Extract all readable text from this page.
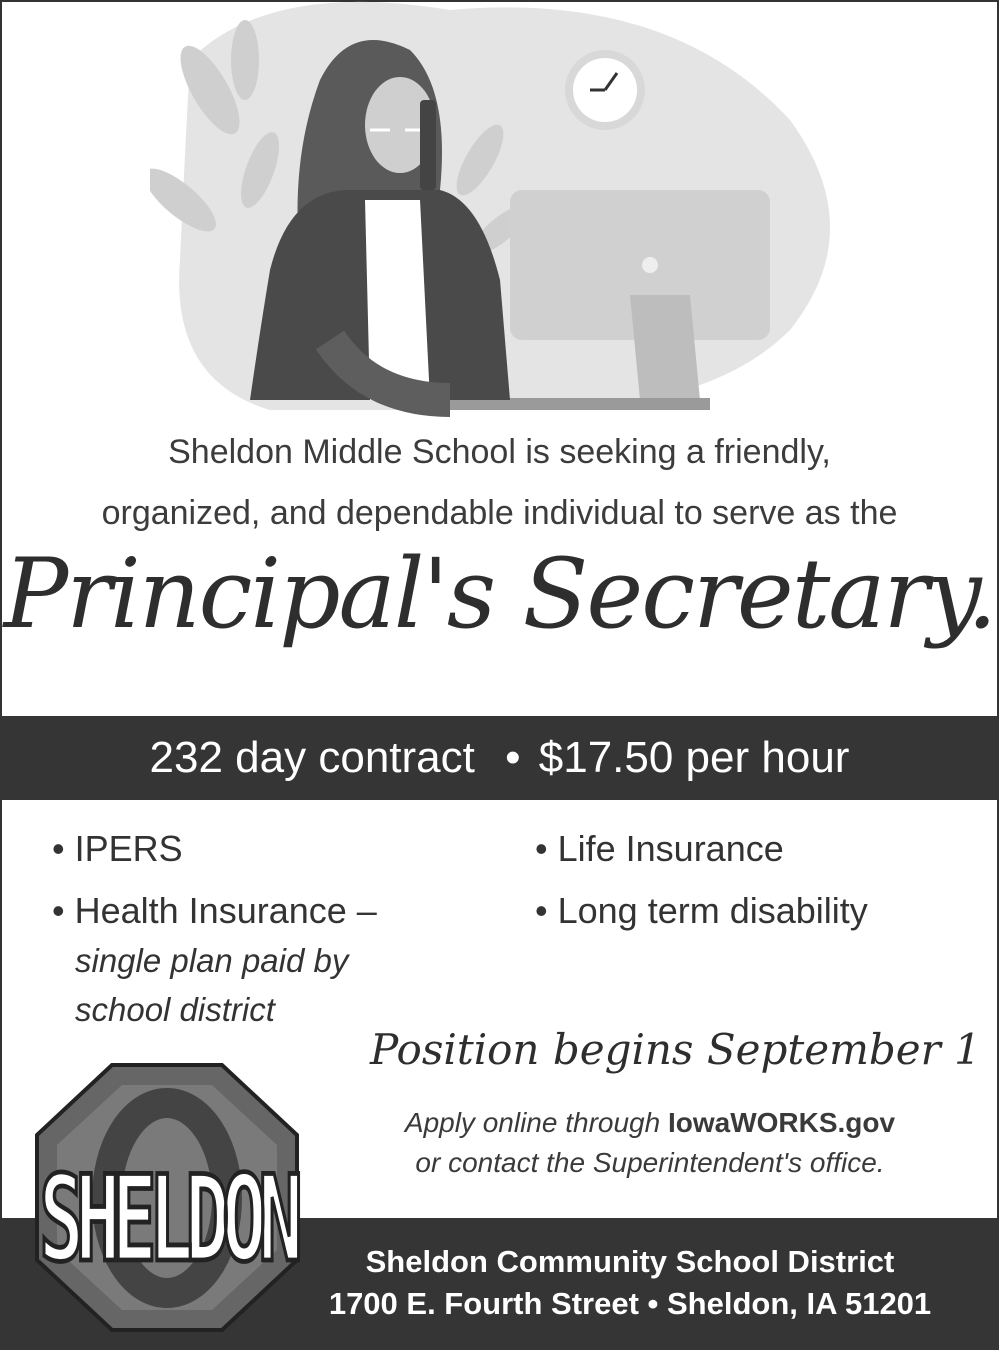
Sheldon Middle School is seeking a friendly,
organized, and dependable individual to serve as the
Principal's Secretary.
232 day contract • $17.50 per hour
• IPERS
• Health Insurance –
single plan paid by
school district
• Life Insurance
• Long term disability
Position begins September 1
Apply online through IowaWORKS.gov
or contact the Superintendent's office.
Sheldon Community School District
1700 E. Fourth Street • Sheldon, IA 51201
SHELDON
